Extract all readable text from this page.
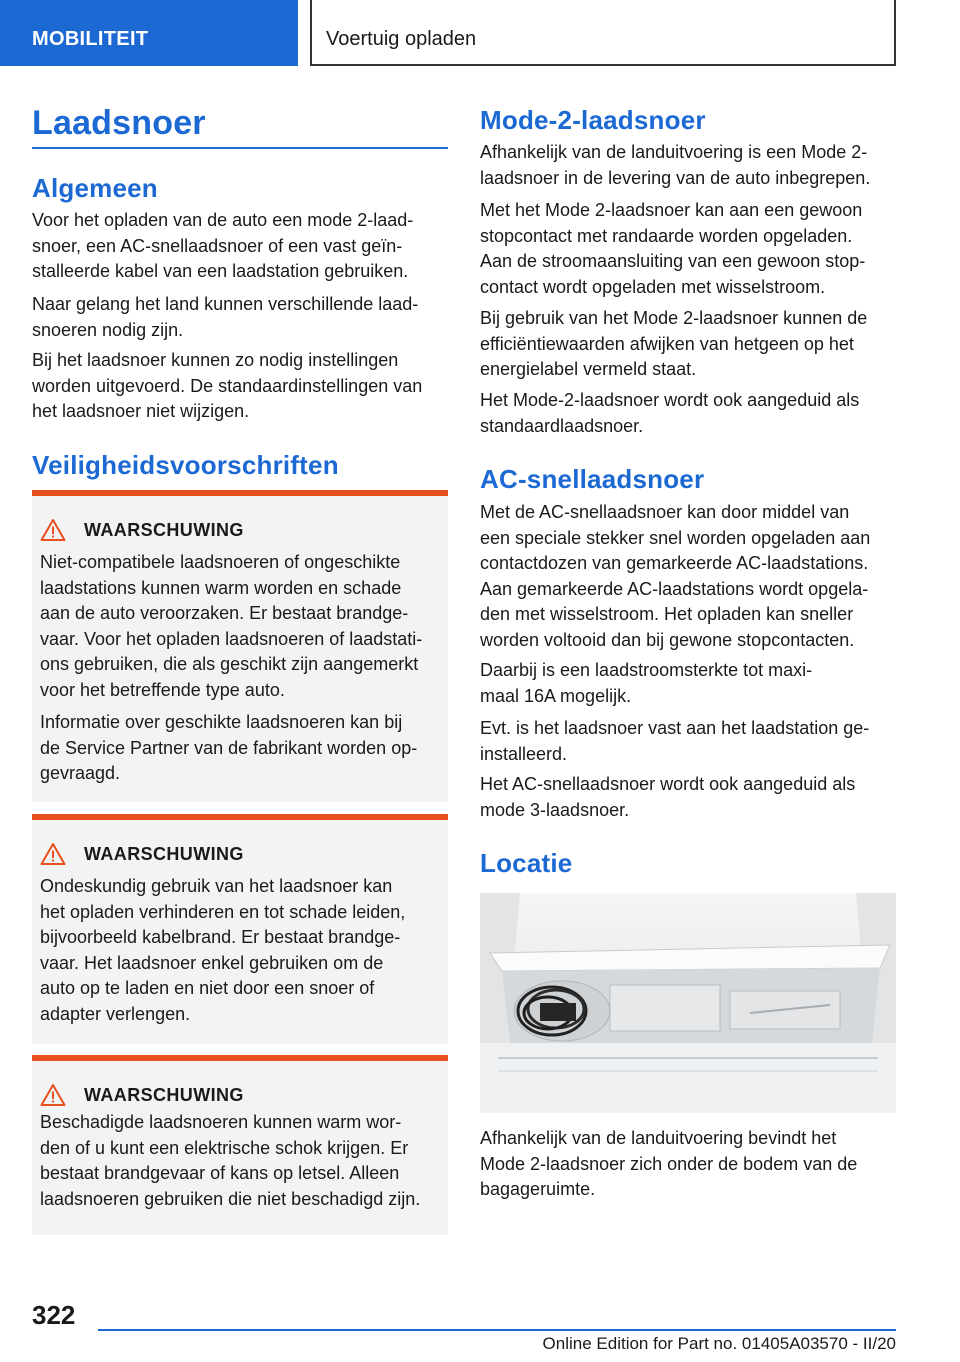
MOBILITEIT	Voertuig opladen
Laadsnoer
Algemeen
Voor het opladen van de auto een mode 2-laad-
snoer, een AC-snellaadsnoer of een vast geïn-
stalleerde kabel van een laadstation gebruiken.
Naar gelang het land kunnen verschillende laad-
snoeren nodig zijn.
Bij het laadsnoer kunnen zo nodig instellingen
worden uitgevoerd. De standaardinstellingen van
het laadsnoer niet wijzigen.
Veiligheidsvoorschriften
WAARSCHUWING
Niet-compatibele laadsnoeren of ongeschikte
laadstations kunnen warm worden en schade
aan de auto veroorzaken. Er bestaat brandge-
vaar. Voor het opladen laadsnoeren of laadstati-
ons gebruiken, die als geschikt zijn aangemerkt
voor het betreffende type auto.
Informatie over geschikte laadsnoeren kan bij
de Service Partner van de fabrikant worden op-
gevraagd.
WAARSCHUWING
Ondeskundig gebruik van het laadsnoer kan
het opladen verhinderen en tot schade leiden,
bijvoorbeeld kabelbrand. Er bestaat brandge-
vaar. Het laadsnoer enkel gebruiken om de
auto op te laden en niet door een snoer of
adapter verlengen.
WAARSCHUWING
Beschadigde laadsnoeren kunnen warm wor-
den of u kunt een elektrische schok krijgen. Er
bestaat brandgevaar of kans op letsel. Alleen
laadsnoeren gebruiken die niet beschadigd zijn.
Mode-2-laadsnoer
Afhankelijk van de landuitvoering is een Mode 2-
laadsnoer in de levering van de auto inbegrepen.
Met het Mode 2-laadsnoer kan aan een gewoon
stopcontact met randaarde worden opgeladen.
Aan de stroomaansluiting van een gewoon stop-
contact wordt opgeladen met wisselstroom.
Bij gebruik van het Mode 2-laadsnoer kunnen de
efficiëntiewaarden afwijken van hetgeen op het
energielabel vermeld staat.
Het Mode-2-laadsnoer wordt ook aangeduid als
standaardlaadsnoer.
AC-snellaadsnoer
Met de AC-snellaadsnoer kan door middel van
een speciale stekker snel worden opgeladen aan
contactdozen van gemarkeerde AC-laadstations.
Aan gemarkeerde AC-laadstations wordt opgela-
den met wisselstroom. Het opladen kan sneller
worden voltooid dan bij gewone stopcontacten.
Daarbij is een laadstroomsterkte tot maxi-
maal 16A mogelijk.
Evt. is het laadsnoer vast aan het laadstation ge-
installeerd.
Het AC-snellaadsnoer wordt ook aangeduid als
mode 3-laadsnoer.
Locatie
Afhankelijk van de landuitvoering bevindt het
Mode 2-laadsnoer zich onder de bodem van de
bagageruimte.
322
Online Edition for Part no. 01405A03570 - II/20
